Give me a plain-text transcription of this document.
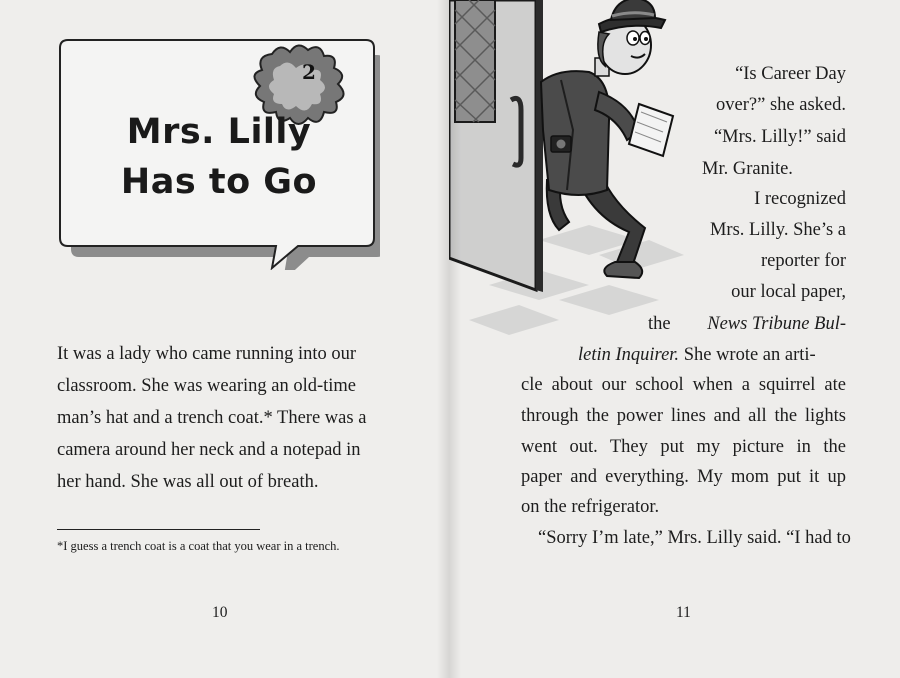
2
Mrs. Lilly
Has to Go
It was a lady who came running into our
classroom. She was wearing an old-time
man’s hat and a trench coat.* There was a
camera around her neck and a notepad in
her hand. She was all out of breath.
*I guess a trench coat is a coat that you wear in a trench.
10
“Is Career Day
over?” she asked.
“Mrs. Lilly!” said
Mr. Granite.
I recognized
Mrs. Lilly. She’s a
reporter for
our local paper,
the News Tribune Bul-
letin Inquirer. She wrote an arti-
cle about our school when a squirrel ate
through the power lines and all the lights
went out. They put my picture in the
paper and everything. My mom put it up
on the refrigerator.
“Sorry I’m late,” Mrs. Lilly said. “I had to
11
